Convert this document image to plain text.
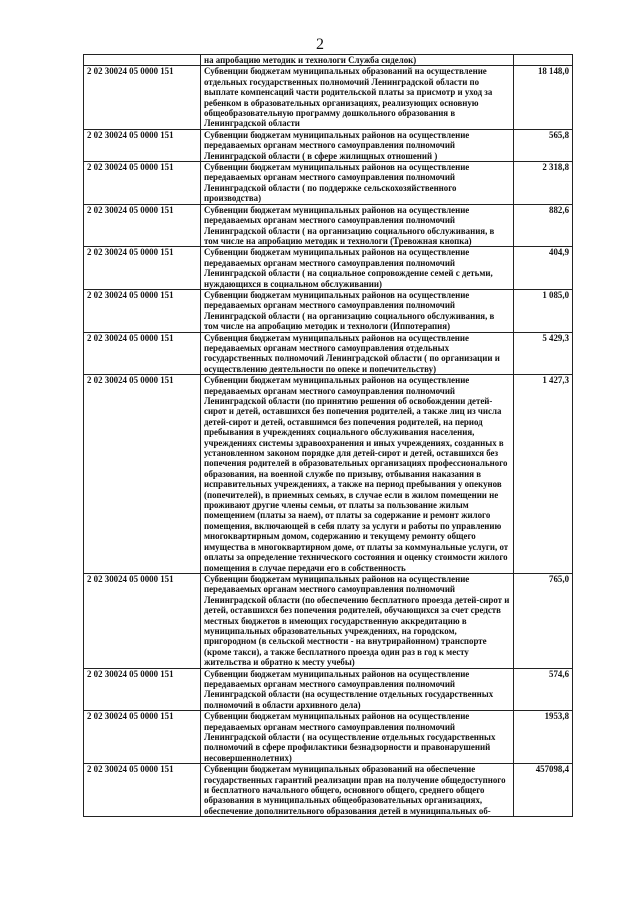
2
	на апробацию методик и технологи Служба сиделок)	
2 02 30024 05 0000 151	Субвенции бюджетам муниципальных образований на осуществление отдельных государственных полномочий Ленинградской области по выплате компенсаций части родительской платы за присмотр и уход за ребенком в образовательных организациях, реализующих основную общеобразовательную программу дошкольного образования в Ленинградской области	18 148,0
2 02 30024 05 0000 151	Субвенции бюджетам муниципальных районов на осуществление передаваемых органам местного самоуправления полномочий Ленинградской области ( в сфере жилищных отношений )	565,8
2 02 30024 05 0000 151	Субвенции бюджетам муниципальных районов на осуществление передаваемых органам местного самоуправления полномочий Ленинградской области ( по поддержке сельскохозяйственного производства)	2 318,8
2 02 30024 05 0000 151	Субвенции бюджетам муниципальных районов на осуществление передаваемых органам местного самоуправления полномочий Ленинградской области ( на организацию социального обслуживания, в том числе на апробацию методик и технологи (Тревожная кнопка)	882,6
2 02 30024 05 0000 151	Субвенции бюджетам муниципальных районов на осуществление передаваемых органам местного самоуправления полномочий Ленинградской области ( на социальное сопровождение семей с детьми, нуждающихся в социальном обслуживании)	404,9
2 02 30024 05 0000 151	Субвенции бюджетам муниципальных районов на осуществление передаваемых органам местного самоуправления полномочий Ленинградской области ( на организацию социального обслуживания, в том числе на апробацию методик и технологи (Иппотерапия)	1 085,0
2 02 30024 05 0000 151	Субвенция бюджетам муниципальных районов на осуществление передаваемых органам местного самоуправления отдельных государственных полномочий Ленинградской области ( по организации и осуществлению деятельности по опеке и попечительству)	5 429,3
2 02 30024 05 0000 151	Субвенции бюджетам муниципальных районов на осуществление передаваемых органам местного самоуправления полномочий Ленинградской области (по принятию решения об освобождении детей-сирот и детей, оставшихся без попечения родителей, а также лиц из числа детей-сирот и детей, оставшимся без попечения родителей, на период пребывания в учреждениях социального обслуживания населения, учреждениях системы здравоохранения и иных учреждениях, созданных в установленном законом порядке для детей-сирот и детей, оставшихся без попечения родителей в образовательных организациях профессионального образования, на военной службе по призыву, отбывания наказания в исправительных учреждениях, а также на период пребывания у опекунов (попечителей), в приемных семьях, в случае если в жилом помещении не проживают другие члены семьи, от платы за пользование жилым помещением (платы за наем), от платы за содержание и ремонт жилого помещения, включающей в себя плату за услуги и работы по управлению многоквартирным домом, содержанию и текущему ремонту общего имущества в многоквартирном доме, от платы за коммунальные услуги, от оплаты за определение технического состояния и оценку стоимости жилого помещения в случае передачи его в собственность	1 427,3
2 02 30024 05 0000 151	Субвенции бюджетам муниципальных районов на осуществление передаваемых органам местного самоуправления полномочий Ленинградской области (по обеспечению бесплатного проезда детей-сирот и детей, оставшихся без попечения родителей, обучающихся за счет средств местных бюджетов в имеющих государственную аккредитацию в муниципальных образовательных учреждениях, на городском, пригородном (в сельской местности - на внутрирайонном) транспорте (кроме такси), а также бесплатного проезда один раз в год к месту жительства и обратно к месту учебы)	765,0
2 02 30024 05 0000 151	Субвенции бюджетам муниципальных районов на осуществление передаваемых органам местного самоуправления полномочий Ленинградской области (на осуществление отдельных государственных полномочий в области архивного дела)	574,6
2 02 30024 05 0000 151	Субвенции бюджетам муниципальных районов на осуществление передаваемых органам местного самоуправления полномочий Ленинградской области ( на осуществление отдельных государственных полномочий в сфере профилактики безнадзорности и правонарушений несовершеннолетних)	1953,8
2 02 30024 05 0000 151	Субвенции бюджетам муниципальных образований на обеспечение государственных гарантий реализации прав на получение общедоступного и бесплатного начального общего, основного общего, среднего общего образования в муниципальных общеобразовательных организациях, обеспечение дополнительного образования детей в муниципальных об-	457098,4
